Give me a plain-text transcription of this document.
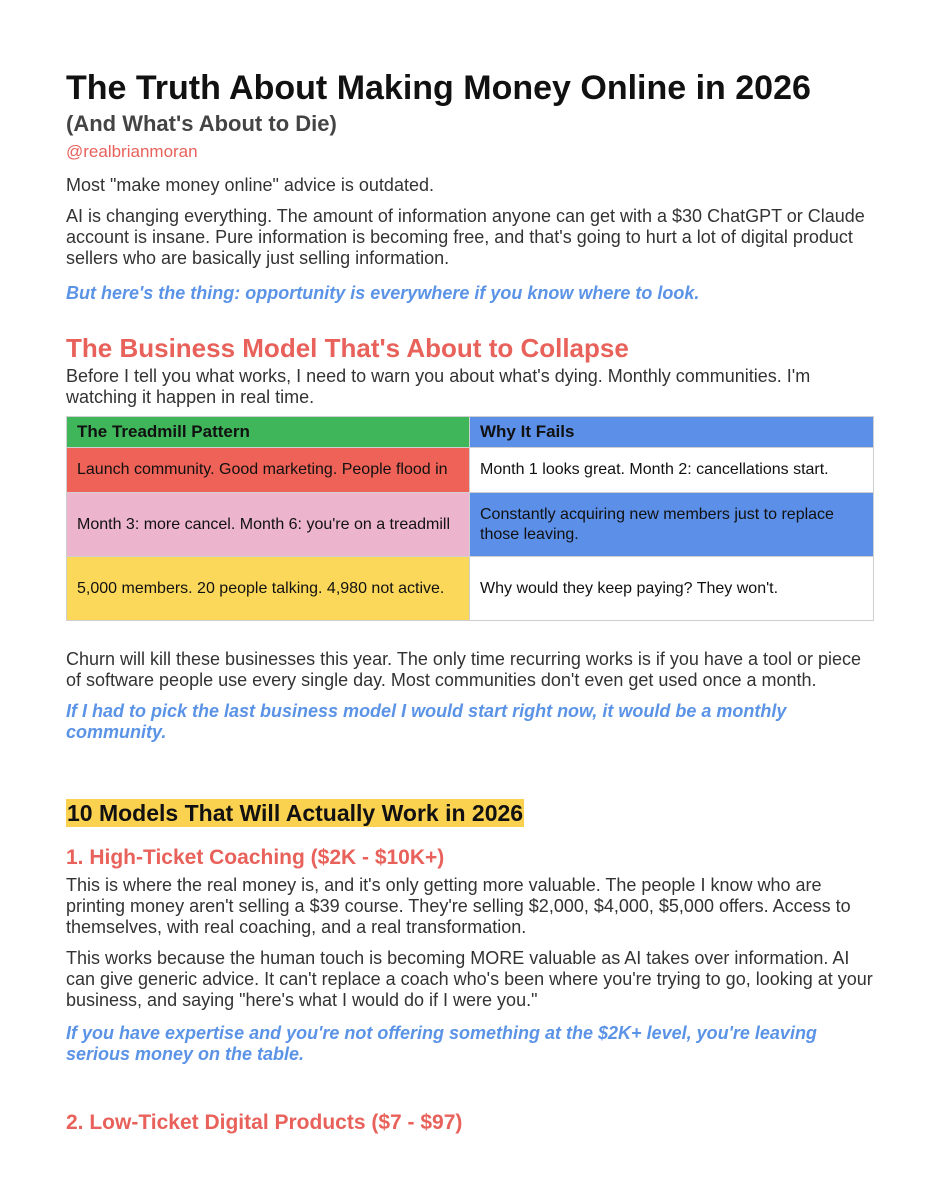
The Truth About Making Money Online in 2026
(And What's About to Die)
@realbrianmoran

Most "make money online" advice is outdated.

AI is changing everything. The amount of information anyone can get with a $30 ChatGPT or Claude account is insane. Pure information is becoming free, and that's going to hurt a lot of digital product sellers who are basically just selling information.

But here's the thing: opportunity is everywhere if you know where to look.

The Business Model That's About to Collapse

Before I tell you what works, I need to warn you about what's dying. Monthly communities. I'm watching it happen in real time.

The Treadmill Pattern	Why It Fails
Launch community. Good marketing. People flood in	Month 1 looks great. Month 2: cancellations start.
Month 3: more cancel. Month 6: you're on a treadmill	Constantly acquiring new members just to replace those leaving.
5,000 members. 20 people talking. 4,980 not active.	Why would they keep paying? They won't.

Churn will kill these businesses this year. The only time recurring works is if you have a tool or piece of software people use every single day. Most communities don't even get used once a month.

If I had to pick the last business model I would start right now, it would be a monthly community.

10 Models That Will Actually Work in 2026
1. High-Ticket Coaching ($2K - $10K+)

This is where the real money is, and it's only getting more valuable. The people I know who are printing money aren't selling a $39 course. They're selling $2,000, $4,000, $5,000 offers. Access to themselves, with real coaching, and a real transformation.

This works because the human touch is becoming MORE valuable as AI takes over information. AI can give generic advice. It can't replace a coach who's been where you're trying to go, looking at your business, and saying "here's what I would do if I were you."

If you have expertise and you're not offering something at the $2K+ level, you're leaving serious money on the table.

2. Low-Ticket Digital Products ($7 - $97)
